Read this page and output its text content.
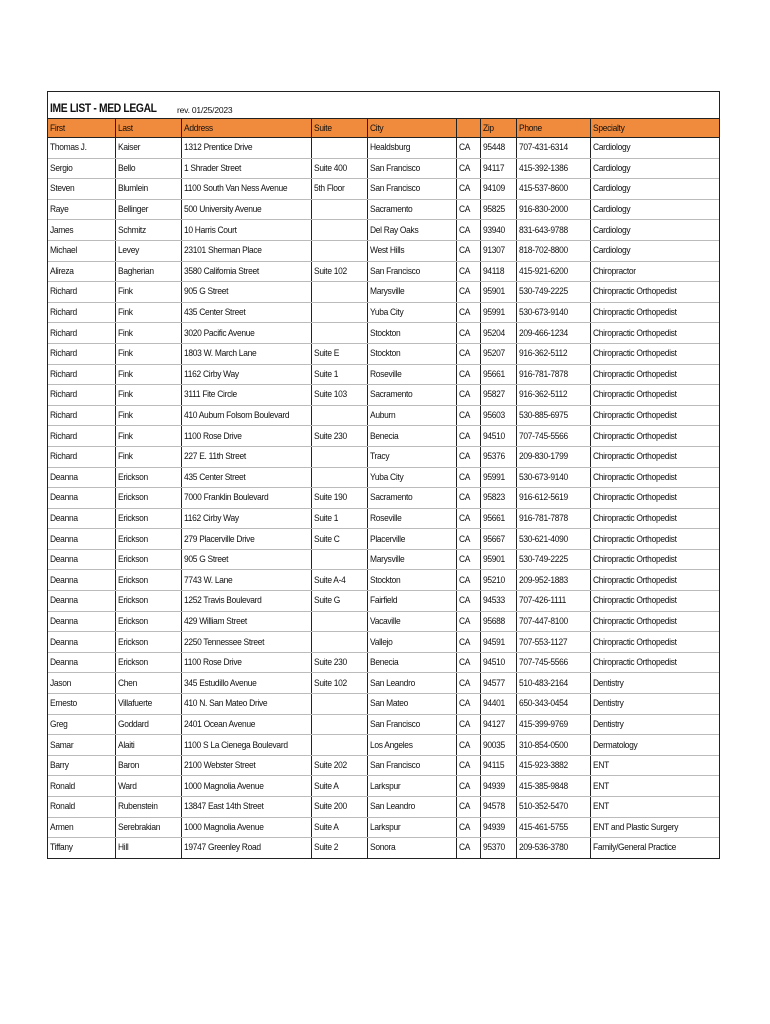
IME LIST - MED LEGAL rev. 01/25/2023
First	Last	Address	Suite	City		Zip	Phone	Specialty
Thomas J.	Kaiser	1312 Prentice Drive		Healdsburg	CA	95448	707-431-6314	Cardiology
Sergio	Bello	1 Shrader Street	Suite 400	San Francisco	CA	94117	415-392-1386	Cardiology
Steven	Blumlein	1100 South Van Ness Avenue	5th Floor	San Francisco	CA	94109	415-537-8600	Cardiology
Raye	Bellinger	500 University Avenue		Sacramento	CA	95825	916-830-2000	Cardiology
James	Schmitz	10 Harris Court		Del Ray Oaks	CA	93940	831-643-9788	Cardiology
Michael	Levey	23101 Sherman Place		West Hills	CA	91307	818-702-8800	Cardiology
Alireza	Bagherian	3580 California Street	Suite 102	San Francisco	CA	94118	415-921-6200	Chiropractor
Richard	Fink	905 G Street		Marysville	CA	95901	530-749-2225	Chiropractic Orthopedist
Richard	Fink	435 Center Street		Yuba City	CA	95991	530-673-9140	Chiropractic Orthopedist
Richard	Fink	3020 Pacific Avenue		Stockton	CA	95204	209-466-1234	Chiropractic Orthopedist
Richard	Fink	1803 W. March Lane	Suite E	Stockton	CA	95207	916-362-5112	Chiropractic Orthopedist
Richard	Fink	1162 Cirby Way	Suite 1	Roseville	CA	95661	916-781-7878	Chiropractic Orthopedist
Richard	Fink	3111 Fite Circle	Suite 103	Sacramento	CA	95827	916-362-5112	Chiropractic Orthopedist
Richard	Fink	410 Auburn Folsom Boulevard		Auburn	CA	95603	530-885-6975	Chiropractic Orthopedist
Richard	Fink	1100 Rose Drive	Suite 230	Benecia	CA	94510	707-745-5566	Chiropractic Orthopedist
Richard	Fink	227 E. 11th Street		Tracy	CA	95376	209-830-1799	Chiropractic Orthopedist
Deanna	Erickson	435 Center Street		Yuba City	CA	95991	530-673-9140	Chiropractic Orthopedist
Deanna	Erickson	7000 Franklin Boulevard	Suite 190	Sacramento	CA	95823	916-612-5619	Chiropractic Orthopedist
Deanna	Erickson	1162 Cirby Way	Suite 1	Roseville	CA	95661	916-781-7878	Chiropractic Orthopedist
Deanna	Erickson	279 Placerville Drive	Suite C	Placerville	CA	95667	530-621-4090	Chiropractic Orthopedist
Deanna	Erickson	905 G Street		Marysville	CA	95901	530-749-2225	Chiropractic Orthopedist
Deanna	Erickson	7743 W. Lane	Suite A-4	Stockton	CA	95210	209-952-1883	Chiropractic Orthopedist
Deanna	Erickson	1252 Travis Boulevard	Suite G	Fairfield	CA	94533	707-426-1111	Chiropractic Orthopedist
Deanna	Erickson	429 William Street		Vacaville	CA	95688	707-447-8100	Chiropractic Orthopedist
Deanna	Erickson	2250 Tennessee Street		Vallejo	CA	94591	707-553-1127	Chiropractic Orthopedist
Deanna	Erickson	1100 Rose Drive	Suite 230	Benecia	CA	94510	707-745-5566	Chiropractic Orthopedist
Jason	Chen	345 Estudillo Avenue	Suite 102	San Leandro	CA	94577	510-483-2164	Dentistry
Ernesto	Villafuerte	410 N. San Mateo Drive		San Mateo	CA	94401	650-343-0454	Dentistry
Greg	Goddard	2401 Ocean Avenue		San Francisco	CA	94127	415-399-9769	Dentistry
Samar	Alaiti	1100 S La Cienega Boulevard		Los Angeles	CA	90035	310-854-0500	Dermatology
Barry	Baron	2100 Webster Street	Suite 202	San Francisco	CA	94115	415-923-3882	ENT
Ronald	Ward	1000 Magnolia Avenue	Suite A	Larkspur	CA	94939	415-385-9848	ENT
Ronald	Rubenstein	13847 East 14th Street	Suite 200	San Leandro	CA	94578	510-352-5470	ENT
Armen	Serebrakian	1000 Magnolia Avenue	Suite A	Larkspur	CA	94939	415-461-5755	ENT and Plastic Surgery
Tiffany	Hill	19747 Greenley Road	Suite 2	Sonora	CA	95370	209-536-3780	Family/General Practice
